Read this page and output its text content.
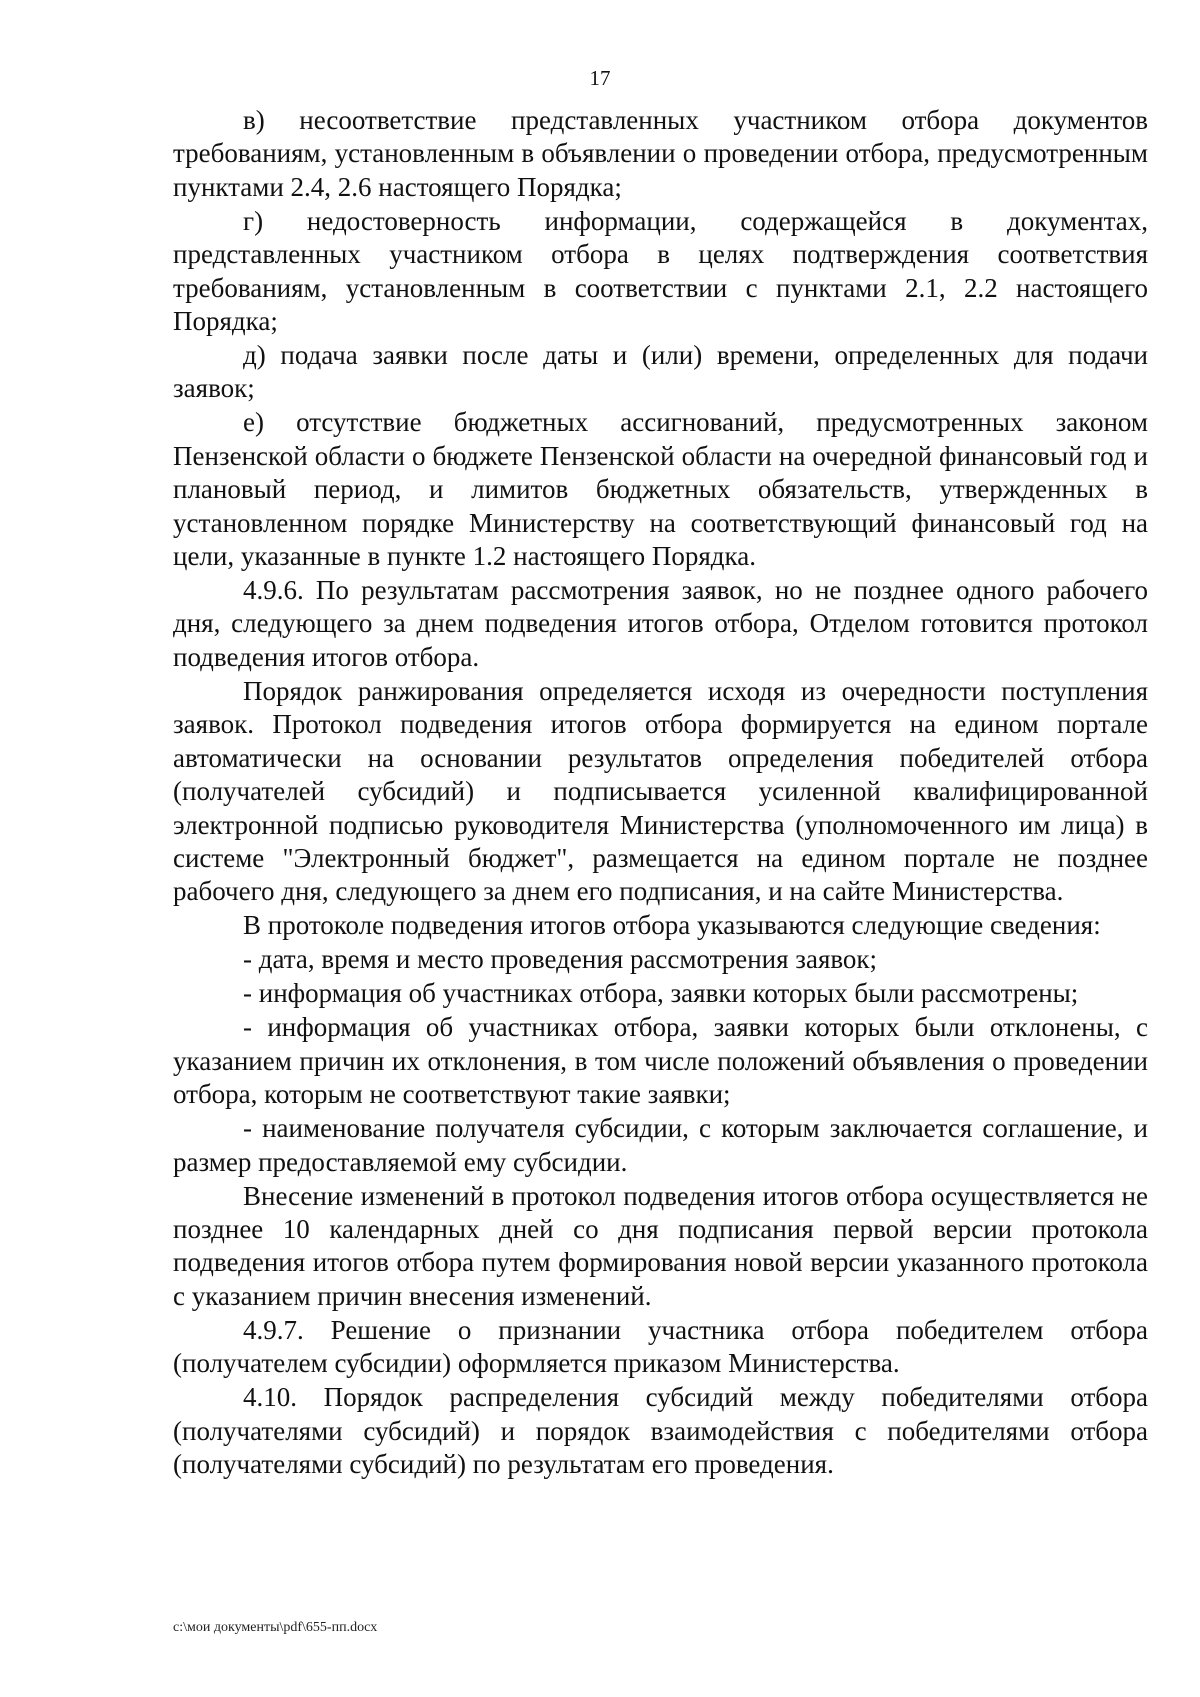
17

в) несоответствие представленных участником отбора документов требованиям, установленным в объявлении о проведении отбора, предусмотренным пунктами 2.4, 2.6 настоящего Порядка;

г) недостоверность информации, содержащейся в документах, представленных участником отбора в целях подтверждения соответствия требованиям, установленным в соответствии с пунктами 2.1, 2.2 настоящего Порядка;

д) подача заявки после даты и (или) времени, определенных для подачи заявок;

е) отсутствие бюджетных ассигнований, предусмотренных законом Пензенской области о бюджете Пензенской области на очередной финансовый год и плановый период, и лимитов бюджетных обязательств, утвержденных в установленном порядке Министерству на соответствующий финансовый год на цели, указанные в пункте 1.2 настоящего Порядка.

4.9.6. По результатам рассмотрения заявок, но не позднее одного рабочего дня, следующего за днем подведения итогов отбора, Отделом готовится протокол подведения итогов отбора.

Порядок ранжирования определяется исходя из очередности поступления заявок. Протокол подведения итогов отбора формируется на едином портале автоматически на основании результатов определения победителей отбора (получателей субсидий) и подписывается усиленной квалифицированной электронной подписью руководителя Министерства (уполномоченного им лица) в системе "Электронный бюджет", размещается на едином портале не позднее рабочего дня, следующего за днем его подписания, и на сайте Министерства.

В протоколе подведения итогов отбора указываются следующие сведения:

- дата, время и место проведения рассмотрения заявок;

- информация об участниках отбора, заявки которых были рассмотрены;

- информация об участниках отбора, заявки которых были отклонены, с указанием причин их отклонения, в том числе положений объявления о проведении отбора, которым не соответствуют такие заявки;

- наименование получателя субсидии, с которым заключается соглашение, и размер предоставляемой ему субсидии.

Внесение изменений в протокол подведения итогов отбора осуществляется не позднее 10 календарных дней со дня подписания первой версии протокола подведения итогов отбора путем формирования новой версии указанного протокола с указанием причин внесения изменений.

4.9.7. Решение о признании участника отбора победителем отбора (получателем субсидии) оформляется приказом Министерства.

4.10. Порядок распределения субсидий между победителями отбора (получателями субсидий) и порядок взаимодействия с победителями отбора (получателями субсидий) по результатам его проведения.

c:\мои документы\pdf\655-пп.docx
